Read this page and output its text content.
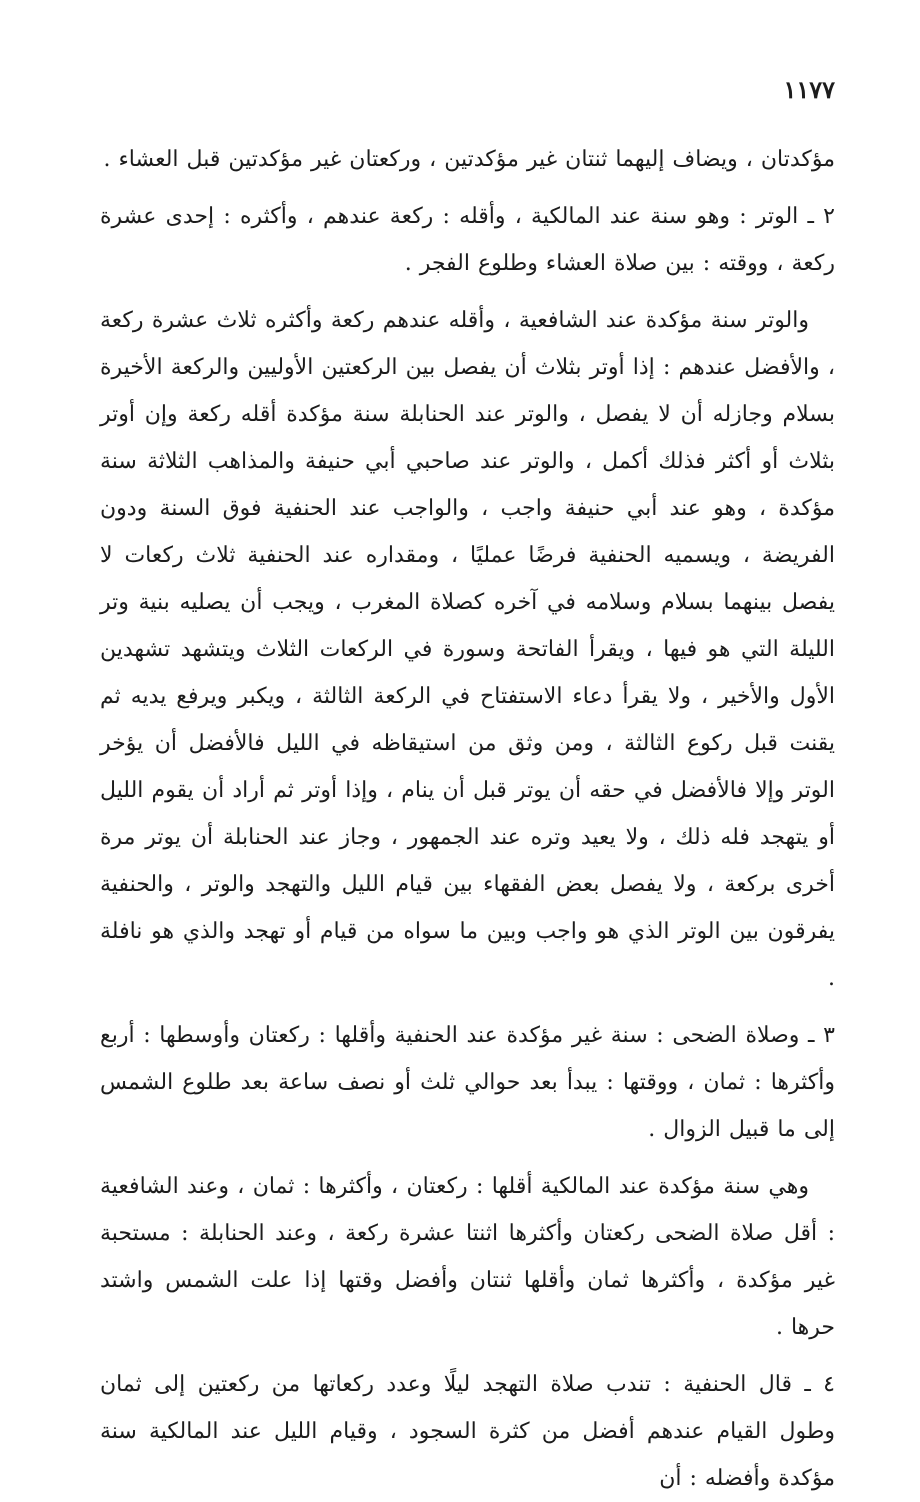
١١٧٧

مؤكدتان ، ويضاف إليهما ثنتان غير مؤكدتين ، وركعتان غير مؤكدتين قبل العشاء .

٢ ـ الوتر : وهو سنة عند المالكية ، وأقله : ركعة عندهم ، وأكثره : إحدى عشرة ركعة ، ووقته : بين صلاة العشاء وطلوع الفجر .

والوتر سنة مؤكدة عند الشافعية ، وأقله عندهم ركعة وأكثره ثلاث عشرة ركعة ، والأفضل عندهم : إذا أوتر بثلاث أن يفصل بين الركعتين الأوليين والركعة الأخيرة بسلام وجازله أن لا يفصل ، والوتر عند الحنابلة سنة مؤكدة أقله ركعة وإن أوتر بثلاث أو أكثر فذلك أكمل ، والوتر عند صاحبي أبي حنيفة والمذاهب الثلاثة سنة مؤكدة ، وهو عند أبي حنيفة واجب ، والواجب عند الحنفية فوق السنة ودون الفريضة ، ويسميه الحنفية فرضًا عمليًا ، ومقداره عند الحنفية ثلاث ركعات لا يفصل بينهما بسلام وسلامه في آخره كصلاة المغرب ، ويجب أن يصليه بنية وتر الليلة التي هو فيها ، ويقرأ الفاتحة وسورة في الركعات الثلاث ويتشهد تشهدين الأول والأخير ، ولا يقرأ دعاء الاستفتاح في الركعة الثالثة ، ويكبر ويرفع يديه ثم يقنت قبل ركوع الثالثة ، ومن وثق من استيقاظه في الليل فالأفضل أن يؤخر الوتر وإلا فالأفضل في حقه أن يوتر قبل أن ينام ، وإذا أوتر ثم أراد أن يقوم الليل أو يتهجد فله ذلك ، ولا يعيد وتره عند الجمهور ، وجاز عند الحنابلة أن يوتر مرة أخرى بركعة ، ولا يفصل بعض الفقهاء بين قيام الليل والتهجد والوتر ، والحنفية يفرقون بين الوتر الذي هو واجب وبين ما سواه من قيام أو تهجد والذي هو نافلة .

٣ ـ وصلاة الضحى : سنة غير مؤكدة عند الحنفية وأقلها : ركعتان وأوسطها : أربع وأكثرها : ثمان ، ووقتها : يبدأ بعد حوالي ثلث أو نصف ساعة بعد طلوع الشمس إلى ما قبيل الزوال .

وهي سنة مؤكدة عند المالكية أقلها : ركعتان ، وأكثرها : ثمان ، وعند الشافعية : أقل صلاة الضحى ركعتان وأكثرها اثنتا عشرة ركعة ، وعند الحنابلة : مستحبة غير مؤكدة ، وأكثرها ثمان وأقلها ثنتان وأفضل وقتها إذا علت الشمس واشتد حرها .

٤ ـ قال الحنفية : تندب صلاة التهجد ليلًا وعدد ركعاتها من ركعتين إلى ثمان وطول القيام عندهم أفضل من كثرة السجود ، وقيام الليل عند المالكية سنة مؤكدة وأفضله : أن
